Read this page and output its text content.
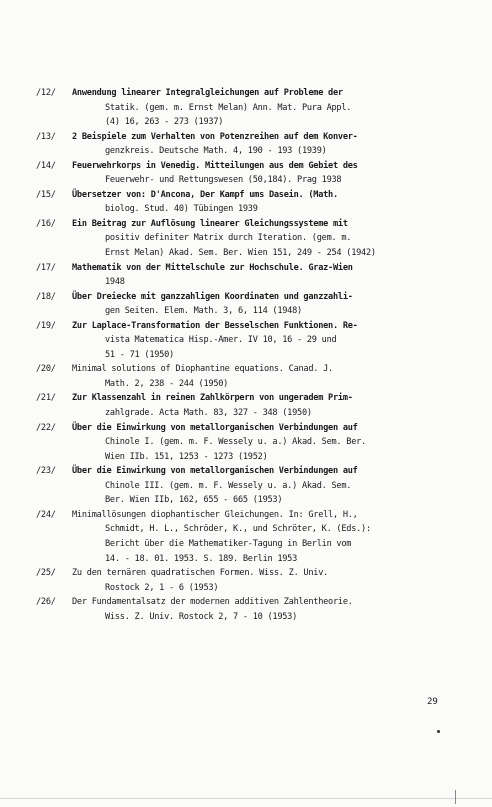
/12/ Anwendung linearer Integralgleichungen auf Probleme der
Statik. (gem. m. Ernst Melan) Ann. Mat. Pura Appl.
(4) 16, 263 - 273 (1937)
/13/ 2 Beispiele zum Verhalten von Potenzreihen auf dem Konver-
genzkreis. Deutsche Math. 4, 190 - 193 (1939)
/14/ Feuerwehrkorps in Venedig. Mitteilungen aus dem Gebiet des
Feuerwehr- und Rettungswesen (50,184). Prag 1938
/15/ Übersetzer von: D'Ancona, Der Kampf ums Dasein. (Math.
biolog. Stud. 40) Tübingen 1939
/16/ Ein Beitrag zur Auflösung linearer Gleichungssysteme mit
positiv definiter Matrix durch Iteration. (gem. m.
Ernst Melan) Akad. Sem. Ber. Wien 151, 249 - 254 (1942)
/17/ Mathematik von der Mittelschule zur Hochschule. Graz-Wien
1948
/18/ Über Dreiecke mit ganzzahligen Koordinaten und ganzzahli-
gen Seiten. Elem. Math. 3, 6, 114 (1948)
/19/ Zur Laplace-Transformation der Besselschen Funktionen. Re-
vista Matematica Hisp.-Amer. IV 10, 16 - 29 und
51 - 71 (1950)
/20/ Minimal solutions of Diophantine equations. Canad. J.
Math. 2, 238 - 244 (1950)
/21/ Zur Klassenzahl in reinen Zahlkörpern von ungeradem Prim-
zahlgrade. Acta Math. 83, 327 - 348 (1950)
/22/ Über die Einwirkung von metallorganischen Verbindungen auf
Chinole I. (gem. m. F. Wessely u. a.) Akad. Sem. Ber.
Wien IIb. 151, 1253 - 1273 (1952)
/23/ Über die Einwirkung von metallorganischen Verbindungen auf
Chinole III. (gem. m. F. Wessely u. a.) Akad. Sem.
Ber. Wien IIb, 162, 655 - 665 (1953)
/24/ Minimallösungen diophantischer Gleichungen. In: Grell, H.,
Schmidt, H. L., Schröder, K., und Schröter, K. (Eds.):
Bericht über die Mathematiker-Tagung in Berlin vom
14. - 18. 01. 1953. S. 189. Berlin 1953
/25/ Zu den ternären quadratischen Formen. Wiss. Z. Univ.
Rostock 2, 1 - 6 (1953)
/26/ Der Fundamentalsatz der modernen additiven Zahlentheorie.
Wiss. Z. Univ. Rostock 2, 7 - 10 (1953)
29
